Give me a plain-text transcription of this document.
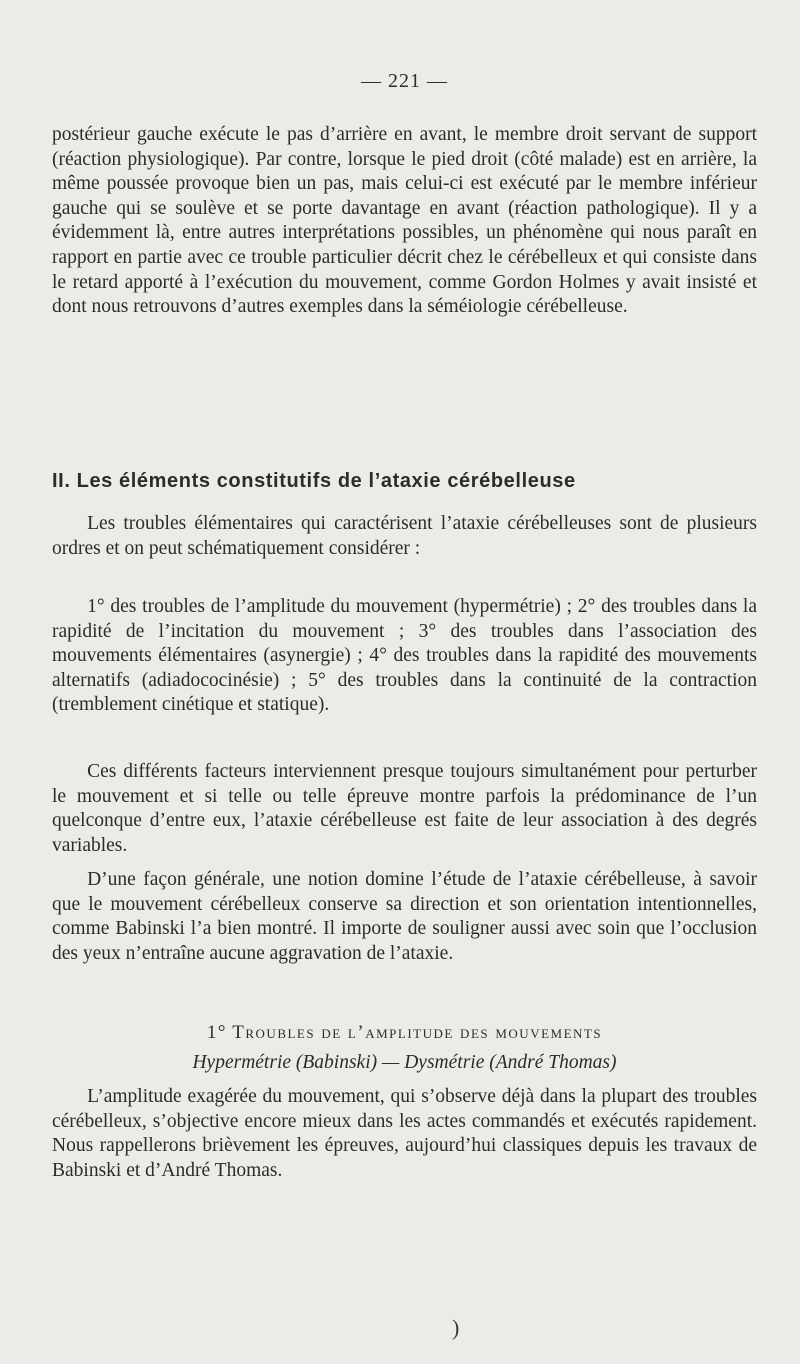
— 221 —

postérieur gauche exécute le pas d’arrière en avant, le membre droit servant de support (réaction physiologique). Par contre, lorsque le pied droit (côté malade) est en arrière, la même poussée provoque bien un pas, mais celui-ci est exécuté par le membre inférieur gauche qui se soulève et se porte davantage en avant (réaction pathologique). Il y a évidemment là, entre autres interprétations possibles, un phénomène qui nous paraît en rapport en partie avec ce trouble particulier décrit chez le cérébelleux et qui consiste dans le retard apporté à l’exécution du mouvement, comme Gordon Holmes y avait insisté et dont nous retrouvons d’autres exemples dans la séméiologie cérébelleuse.

II. Les éléments constitutifs de l’ataxie cérébelleuse

Les troubles élémentaires qui caractérisent l’ataxie cérébelleuses sont de plusieurs ordres et on peut schématiquement considérer :

1° des troubles de l’amplitude du mouvement (hypermétrie) ; 2° des troubles dans la rapidité de l’incitation du mouvement ; 3° des troubles dans l’association des mouvements élémentaires (asynergie) ; 4° des troubles dans la rapidité des mouvements alternatifs (adiadococinésie) ; 5° des troubles dans la continuité de la contraction (tremblement cinétique et statique).

Ces différents facteurs interviennent presque toujours simultanément pour perturber le mouvement et si telle ou telle épreuve montre parfois la prédominance de l’un quelconque d’entre eux, l’ataxie cérébelleuse est faite de leur association à des degrés variables.

D’une façon générale, une notion domine l’étude de l’ataxie cérébelleuse, à savoir que le mouvement cérébelleux conserve sa direction et son orientation intentionnelles, comme Babinski l’a bien montré. Il importe de souligner aussi avec soin que l’occlusion des yeux n’entraîne aucune aggravation de l’ataxie.

1° Troubles de l’amplitude des mouvements
Hypermétrie (Babinski) — Dysmétrie (André Thomas)

L’amplitude exagérée du mouvement, qui s’observe déjà dans la plupart des troubles cérébelleux, s’objective encore mieux dans les actes commandés et exécutés rapidement. Nous rappellerons brièvement les épreuves, aujourd’hui classiques depuis les travaux de Babinski et d’André Thomas.

)
